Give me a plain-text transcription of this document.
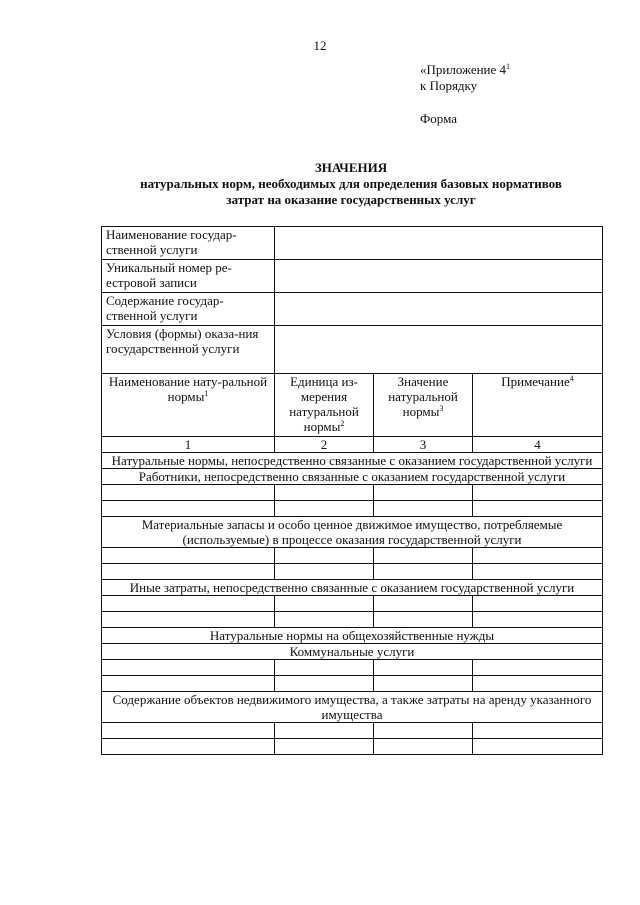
12
«Приложение $4^1$
к Порядку
Форма
ЗНАЧЕНИЯ
натуральных норм, необходимых для определения базовых нормативов
затрат на оказание государственных услуг
Наименование государ-ственной услуги			
Уникальный номер ре-естровой записи			
Содержание государ-ственной услуги			
Условия (формы) оказа-ния государственной услуги			
Наименование нату-ральной нормы$^1$	Единица из-мерения натуральной нормы$^2$	Значение натуральной нормы$^3$	Примечание$^4$
1	2	3	4
Натуральные нормы, непосредственно связанные с оказанием государственной услуги			
Работники, непосредственно связанные с оказанием государственной услуги			

Материальные запасы и особо ценное движимое имущество, потребляемые (используемые) в процессе оказания государственной услуги			

Иные затраты, непосредственно связанные с оказанием государственной услуги			

Натуральные нормы на общехозяйственные нужды			
Коммунальные услуги			

Содержание объектов недвижимого имущества, а также затраты на аренду указанного имущества			
